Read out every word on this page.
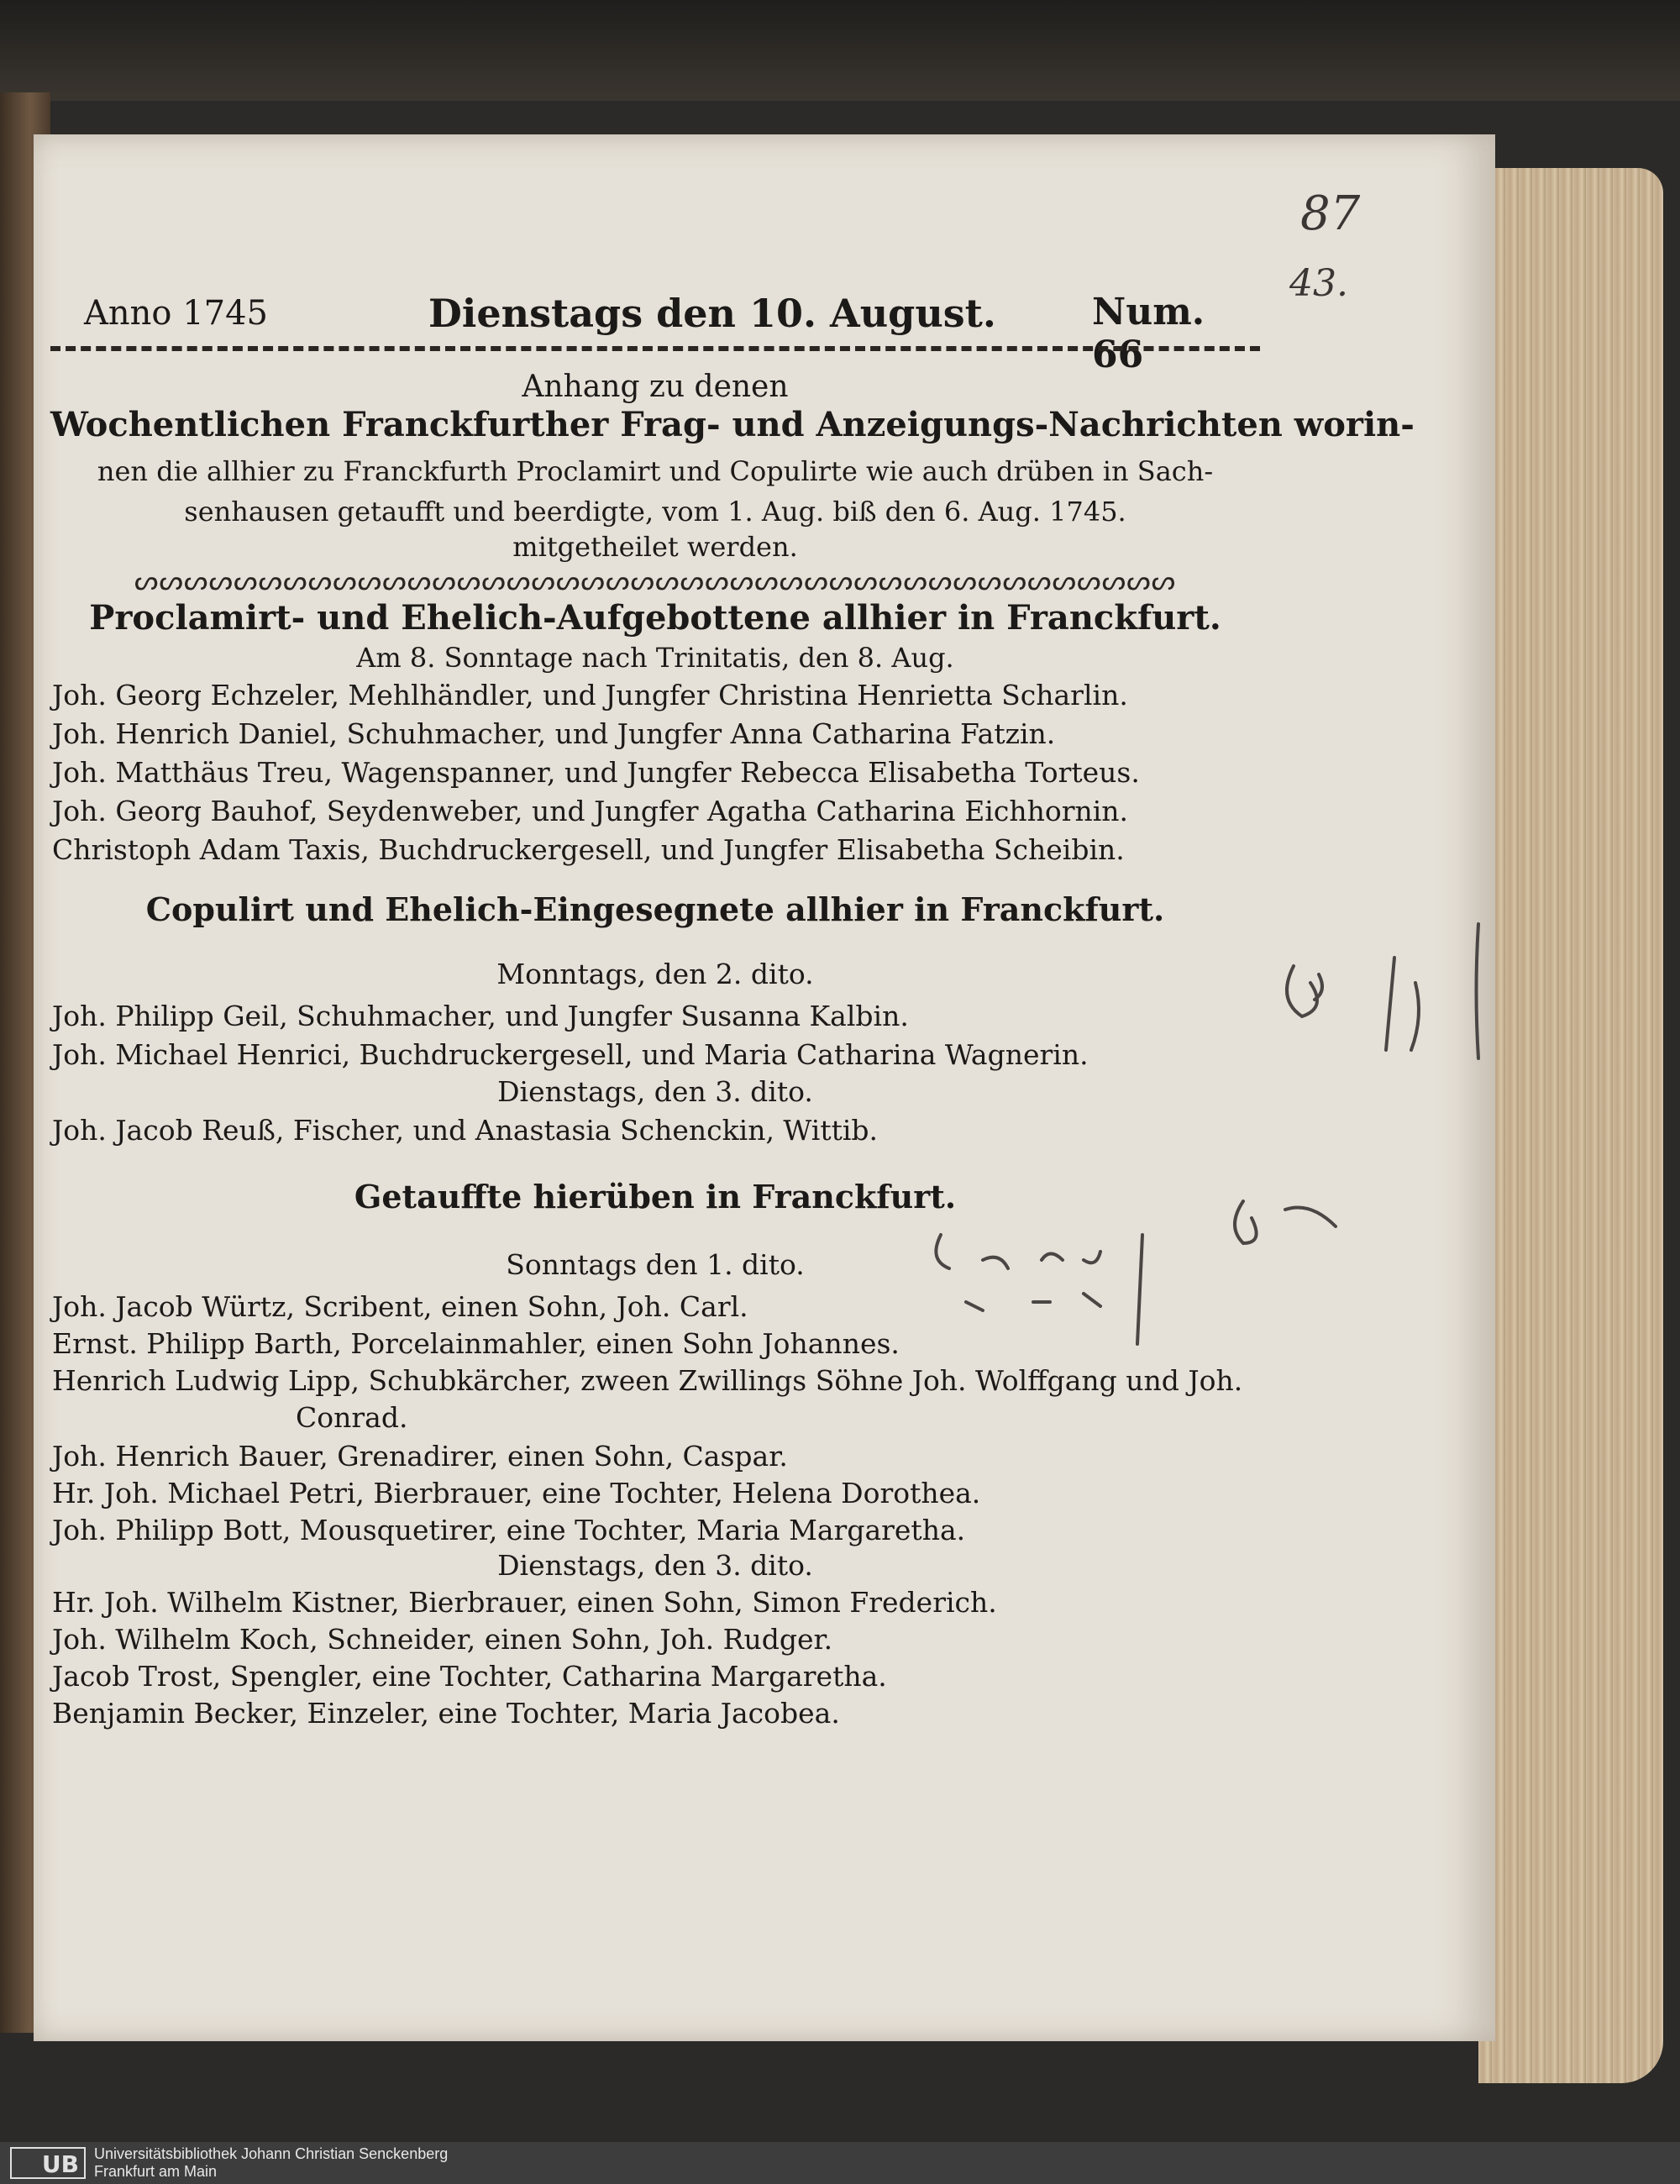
87
43.
Anno 1745	Dienstags den 10. August.	Num. 66
Anhang zu denen
Wochentlichen Franckfurther Frag- und Anzeigungs-Nachrichten worin-
nen die allhier zu Franckfurth Proclamirt und Copulirte wie auch drüben in Sach-
senhausen getaufft und beerdigte, vom 1. Aug. biß den 6. Aug. 1745.
mitgetheilet werden.
ᔕᔕᔕᔕᔕᔕᔕᔕᔕᔕᔕᔕᔕᔕᔕᔕᔕᔕᔕᔕᔕᔕᔕᔕᔕᔕᔕᔕᔕᔕᔕᔕᔕᔕᔕᔕᔕᔕᔕᔕᔕᔕ
Proclamirt- und Ehelich-Aufgebottene allhier in Franckfurt.
Am 8. Sonntage nach Trinitatis, den 8. Aug.
Joh. Georg Echzeler, Mehlhändler, und Jungfer Christina Henrietta Scharlin.
Joh. Henrich Daniel, Schuhmacher, und Jungfer Anna Catharina Fatzin.
Joh. Matthäus Treu, Wagenspanner, und Jungfer Rebecca Elisabetha Torteus.
Joh. Georg Bauhof, Seydenweber, und Jungfer Agatha Catharina Eichhornin.
Christoph Adam Taxis, Buchdruckergesell, und Jungfer Elisabetha Scheibin.
Copulirt und Ehelich-Eingesegnete allhier in Franckfurt.
Monntags, den 2. dito.
Joh. Philipp Geil, Schuhmacher, und Jungfer Susanna Kalbin.
Joh. Michael Henrici, Buchdruckergesell, und Maria Catharina Wagnerin.
Dienstags, den 3. dito.
Joh. Jacob Reuß, Fischer, und Anastasia Schenckin, Wittib.
Getauffte hierüben in Franckfurt.
Sonntags den 1. dito.
Joh. Jacob Würtz, Scribent, einen Sohn, Joh. Carl.
Ernst. Philipp Barth, Porcelainmahler, einen Sohn Johannes.
Henrich Ludwig Lipp, Schubkärcher, zween Zwillings Söhne Joh. Wolffgang und Joh.
Conrad.
Joh. Henrich Bauer, Grenadirer, einen Sohn, Caspar.
Hr. Joh. Michael Petri, Bierbrauer, eine Tochter, Helena Dorothea.
Joh. Philipp Bott, Mousquetirer, eine Tochter, Maria Margaretha.
Dienstags, den 3. dito.
Hr. Joh. Wilhelm Kistner, Bierbrauer, einen Sohn, Simon Frederich.
Joh. Wilhelm Koch, Schneider, einen Sohn, Joh. Rudger.
Jacob Trost, Spengler, eine Tochter, Catharina Margaretha.
Benjamin Becker, Einzeler, eine Tochter, Maria Jacobea.
UB	Universitätsbibliothek Johann Christian Senckenberg
Frankfurt am Main
